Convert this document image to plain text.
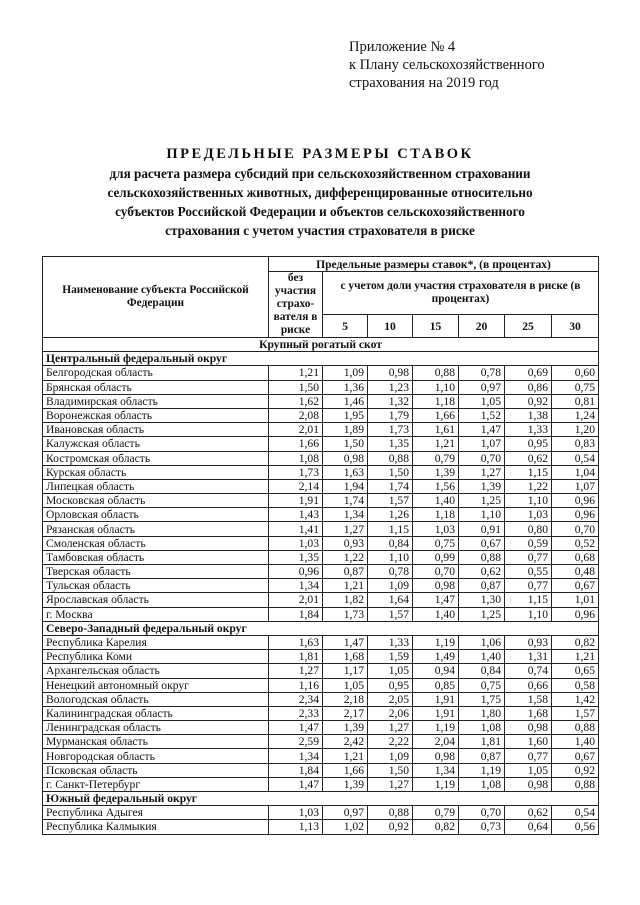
Приложение № 4
к Плану сельскохозяйственного
страхования на 2019 год
ПРЕДЕЛЬНЫЕ РАЗМЕРЫ СТАВОК
для расчета размера субсидий при сельскохозяйственном страховании
сельскохозяйственных животных, дифференцированные относительно
субъектов Российской Федерации и объектов сельскохозяйственного
страхования с учетом участия страхователя в риске
Наименование субъекта Российской Федерации	Предельные размеры ставок*, (в процентах)						
	без участия страхо-вателя в риске	с учетом доли участия страхователя в риске (в процентах)					
		5	10	15	20	25	30
Крупный рогатый скот							
Центральный федеральный округ							
Белгородская область	1,21	1,09	0,98	0,88	0,78	0,69	0,60
Брянская область	1,50	1,36	1,23	1,10	0,97	0,86	0,75
Владимирская область	1,62	1,46	1,32	1,18	1,05	0,92	0,81
Воронежская область	2,08	1,95	1,79	1,66	1,52	1,38	1,24
Ивановская область	2,01	1,89	1,73	1,61	1,47	1,33	1,20
Калужская область	1,66	1,50	1,35	1,21	1,07	0,95	0,83
Костромская область	1,08	0,98	0,88	0,79	0,70	0,62	0,54
Курская область	1,73	1,63	1,50	1,39	1,27	1,15	1,04
Липецкая область	2,14	1,94	1,74	1,56	1,39	1,22	1,07
Московская область	1,91	1,74	1,57	1,40	1,25	1,10	0,96
Орловская область	1,43	1,34	1,26	1,18	1,10	1,03	0,96
Рязанская область	1,41	1,27	1,15	1,03	0,91	0,80	0,70
Смоленская область	1,03	0,93	0,84	0,75	0,67	0,59	0,52
Тамбовская область	1,35	1,22	1,10	0,99	0,88	0,77	0,68
Тверская область	0,96	0,87	0,78	0,70	0,62	0,55	0,48
Тульская область	1,34	1,21	1,09	0,98	0,87	0,77	0,67
Ярославская область	2,01	1,82	1,64	1,47	1,30	1,15	1,01
г. Москва	1,84	1,73	1,57	1,40	1,25	1,10	0,96
Северо-Западный федеральный округ							
Республика Карелия	1,63	1,47	1,33	1,19	1,06	0,93	0,82
Республика Коми	1,81	1,68	1,59	1,49	1,40	1,31	1,21
Архангельская область	1,27	1,17	1,05	0,94	0,84	0,74	0,65
Ненецкий автономный округ	1,16	1,05	0,95	0,85	0,75	0,66	0,58
Вологодская область	2,34	2,18	2,05	1,91	1,75	1,58	1,42
Калининградская область	2,33	2,17	2,06	1,91	1,80	1,68	1,57
Ленинградская область	1,47	1,39	1,27	1,19	1,08	0,98	0,88
Мурманская область	2,59	2,42	2,22	2,04	1,81	1,60	1,40
Новгородская область	1,34	1,21	1,09	0,98	0,87	0,77	0,67
Псковская область	1,84	1,66	1,50	1,34	1,19	1,05	0,92
г. Санкт-Петербург	1,47	1,39	1,27	1,19	1,08	0,98	0,88
Южный федеральный округ							
Республика Адыгея	1,03	0,97	0,88	0,79	0,70	0,62	0,54
Республика Калмыкия	1,13	1,02	0,92	0,82	0,73	0,64	0,56
